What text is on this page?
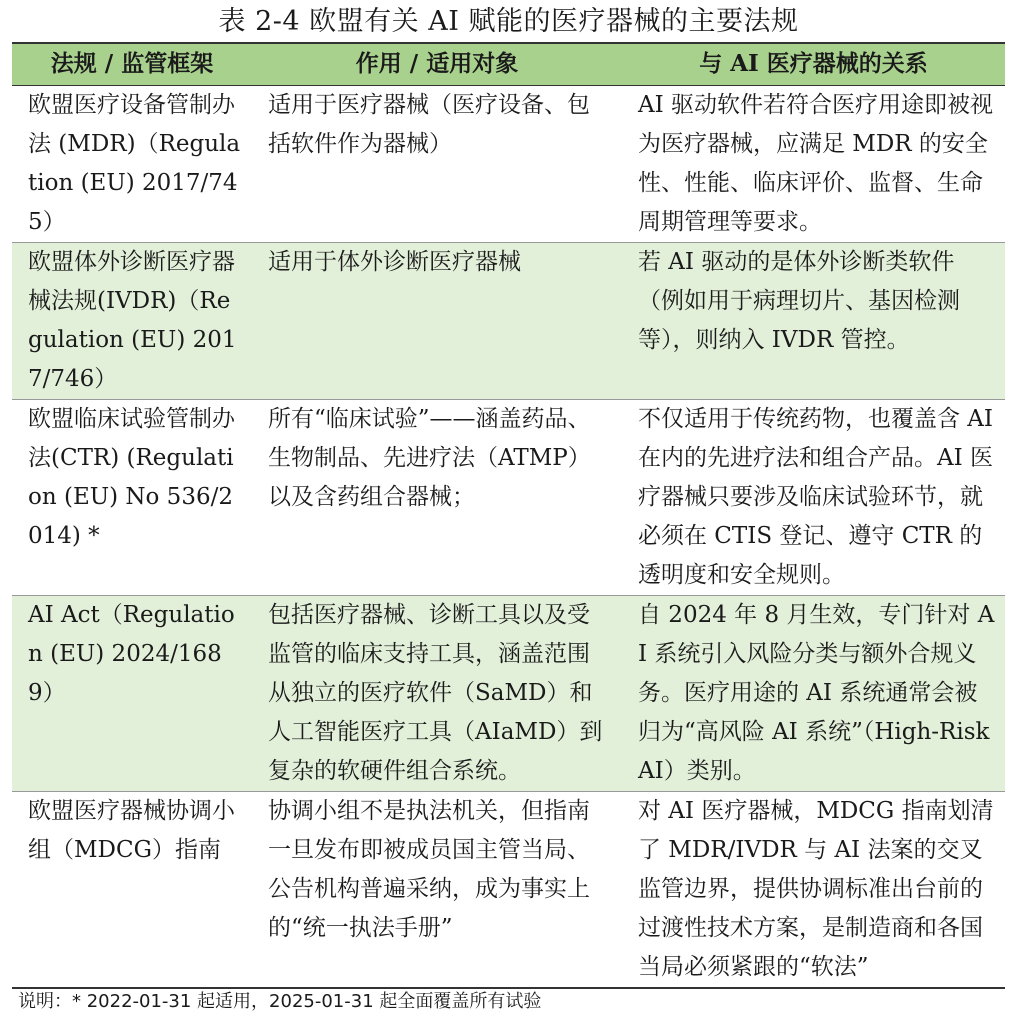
表 2-4 欧盟有关 AI 赋能的医疗器械的主要法规
法规 / 监管框架	作用 / 适用对象	与 AI 医疗器械的关系
欧盟医疗设备管制办法 (MDR)（Regulation (EU) 2017/745）	适用于医疗器械（医疗设备、包括软件作为器械）	AI 驱动软件若符合医疗用途即被视为医疗器械，应满足 MDR 的安全性、性能、临床评价、监督、生命周期管理等要求。
欧盟体外诊断医疗器械法规(IVDR)（Regulation (EU) 2017/746）	适用于体外诊断医疗器械	若 AI 驱动的是体外诊断类软件（例如用于病理切片、基因检测等），则纳入 IVDR 管控。
欧盟临床试验管制办法(CTR) (Regulation (EU) No 536/2014) *	所有“临床试验”——涵盖药品、生物制品、先进疗法（ATMP）以及含药组合器械；	不仅适用于传统药物，也覆盖含 AI 在内的先进疗法和组合产品。AI 医疗器械只要涉及临床试验环节，就必须在 CTIS 登记、遵守 CTR 的透明度和安全规则。
AI Act（Regulation (EU) 2024/1689）	包括医疗器械、诊断工具以及受监管的临床支持工具，涵盖范围从独立的医疗软件（SaMD）和人工智能医疗工具（AIaMD）到复杂的软硬件组合系统。	自 2024 年 8 月生效，专门针对 AI 系统引入风险分类与额外合规义务。医疗用途的 AI 系统通常会被归为“高风险 AI 系统”（High-Risk AI）类别。
欧盟医疗器械协调小组（MDCG）指南	协调小组不是执法机关，但指南一旦发布即被成员国主管当局、公告机构普遍采纳，成为事实上的“统一执法手册”	对 AI 医疗器械，MDCG 指南划清了 MDR/IVDR 与 AI 法案的交叉监管边界，提供协调标准出台前的过渡性技术方案，是制造商和各国当局必须紧跟的“软法”
说明：* 2022-01-31 起适用，2025-01-31 起全面覆盖所有试验
